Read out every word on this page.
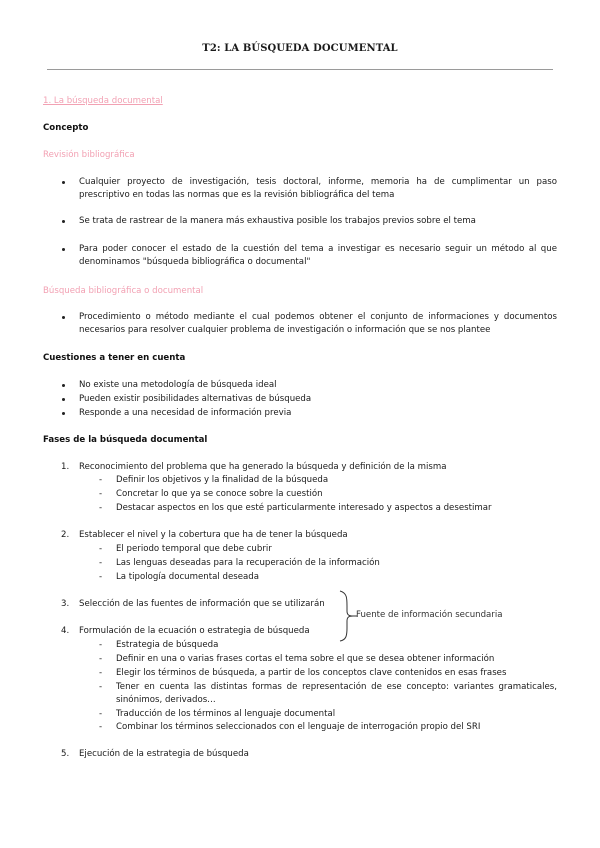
T2: LA BÚSQUEDA DOCUMENTAL
1. La búsqueda documental
Concepto
Revisión bibliográfica
Cualquier proyecto de investigación, tesis doctoral, informe, memoria ha de cumplimentar un paso prescriptivo en todas las normas que es la revisión bibliográfica del tema
Se trata de rastrear de la manera más exhaustiva posible los trabajos previos sobre el tema
Para poder conocer el estado de la cuestión del tema a investigar es necesario seguir un método al que denominamos "búsqueda bibliográfica o documental"
Búsqueda bibliográfica o documental
Procedimiento o método mediante el cual podemos obtener el conjunto de informaciones y documentos necesarios para resolver cualquier problema de investigación o información que se nos plantee
Cuestiones a tener en cuenta
No existe una metodología de búsqueda ideal
Pueden existir posibilidades alternativas de búsqueda
Responde a una necesidad de información previa
Fases de la búsqueda documental
1. Reconocimiento del problema que ha generado la búsqueda y definición de la misma
- Definir los objetivos y la finalidad de la búsqueda
- Concretar lo que ya se conoce sobre la cuestión
- Destacar aspectos en los que esté particularmente interesado y aspectos a desestimar
2. Establecer el nivel y la cobertura que ha de tener la búsqueda
- El periodo temporal que debe cubrir
- Las lenguas deseadas para la recuperación de la información
- La tipología documental deseada
3. Selección de las fuentes de información que se utilizarán
4. Formulación de la ecuación o estrategia de búsqueda
- Estrategia de búsqueda
- Definir en una o varias frases cortas el tema sobre el que se desea obtener información
- Elegir los términos de búsqueda, a partir de los conceptos clave contenidos en esas frases
- Tener en cuenta las distintas formas de representación de ese concepto: variantes gramaticales, sinónimos, derivados…
- Traducción de los términos al lenguaje documental
- Combinar los términos seleccionados con el lenguaje de interrogación propio del SRI
5. Ejecución de la estrategia de búsqueda
Fuente de información secundaria
